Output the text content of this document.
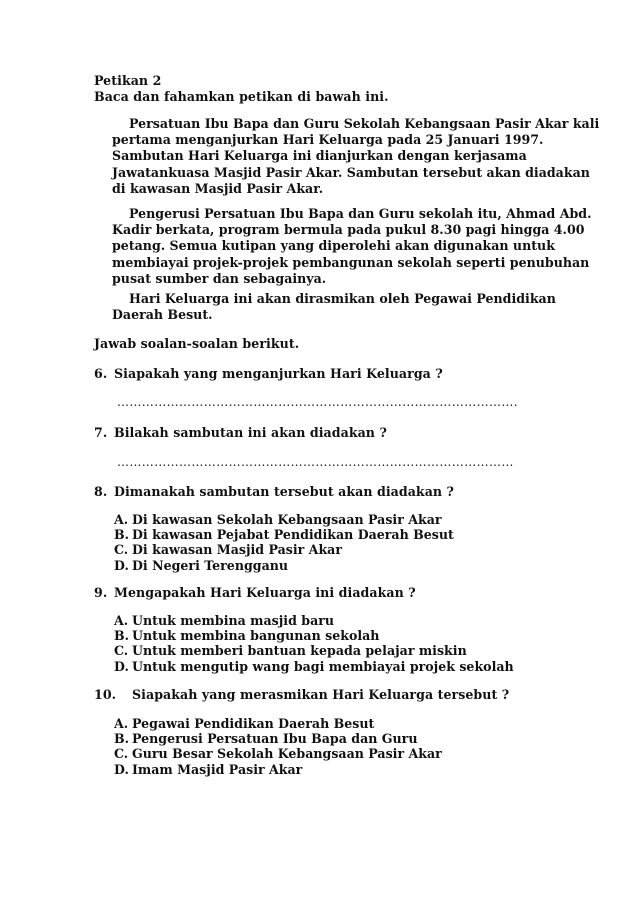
Petikan 2
Baca dan fahamkan petikan di bawah ini.
Persatuan Ibu Bapa dan Guru Sekolah Kebangsaan Pasir Akar kali
pertama menganjurkan Hari Keluarga pada 25 Januari 1997.
Sambutan Hari Keluarga ini dianjurkan dengan kerjasama
Jawatankuasa Masjid Pasir Akar. Sambutan tersebut akan diadakan
di kawasan Masjid Pasir Akar.
Pengerusi Persatuan Ibu Bapa dan Guru sekolah itu, Ahmad Abd.
Kadir berkata, program bermula pada pukul 8.30 pagi hingga 4.00
petang. Semua kutipan yang diperolehi akan digunakan untuk
membiayai projek-projek pembangunan sekolah seperti penubuhan
pusat sumber dan sebagainya.
Hari Keluarga ini akan dirasmikan oleh Pegawai Pendidikan
Daerah Besut.
Jawab soalan-soalan berikut.
6. Siapakah yang menganjurkan Hari Keluarga ?
…………………………………………………………………………………….
7. Bilakah sambutan ini akan diadakan ?
……………………………………………………………………………………
8. Dimanakah sambutan tersebut akan diadakan ?
A. Di kawasan Sekolah Kebangsaan Pasir Akar
B. Di kawasan Pejabat Pendidikan Daerah Besut
C. Di kawasan Masjid Pasir Akar
D. Di Negeri Terengganu
9. Mengapakah Hari Keluarga ini diadakan ?
A. Untuk membina masjid baru
B. Untuk membina bangunan sekolah
C. Untuk memberi bantuan kepada pelajar miskin
D. Untuk mengutip wang bagi membiayai projek sekolah
10. Siapakah yang merasmikan Hari Keluarga tersebut ?
A. Pegawai Pendidikan Daerah Besut
B. Pengerusi Persatuan Ibu Bapa dan Guru
C. Guru Besar Sekolah Kebangsaan Pasir Akar
D. Imam Masjid Pasir Akar
